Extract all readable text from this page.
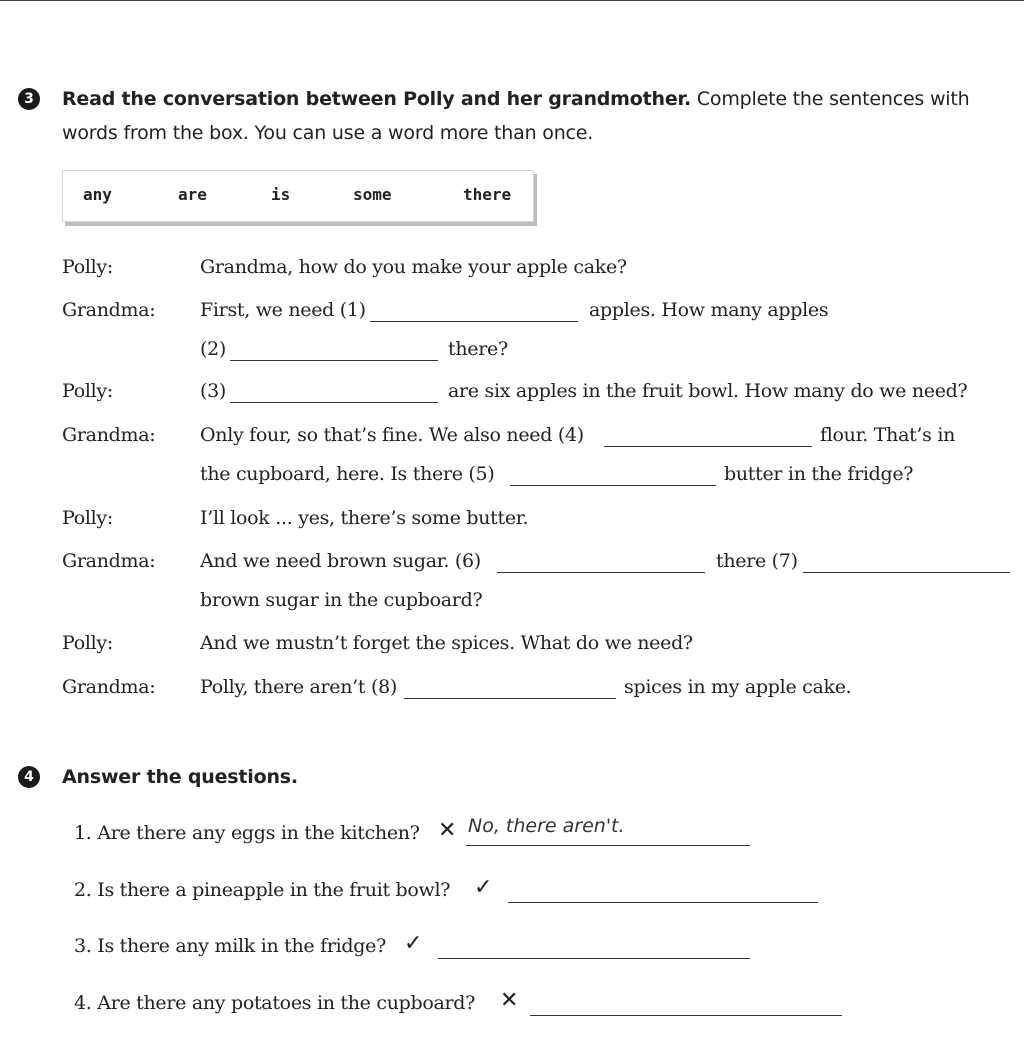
3	Read the conversation between Polly and her grandmother. Complete the sentences with
words from the box. You can use a word more than once.
any	are	is	some	there
Polly:	Grandma, how do you make your apple cake?
Grandma: First, we need (1)	apples. How many apples
(2)	there?
Polly:	(3)	are six apples in the fruit bowl. How many do we need?
Grandma: Only four, so that’s fine. We also need (4)	flour. That’s in
the cupboard, here. Is there (5)	butter in the fridge?
Polly:	I’ll look ... yes, there’s some butter.
Grandma: And we need brown sugar. (6)	there (7)
brown sugar in the cupboard?
Polly:	And we mustn’t forget the spices. What do we need?
Grandma: Polly, there aren’t (8)	spices in my apple cake.
4	Answer the questions.
1. Are there any eggs in the kitchen? ✕ No, there aren't.
2. Is there a pineapple in the fruit bowl? ✓
3. Is there any milk in the fridge? ✓
4. Are there any potatoes in the cupboard? ✕
